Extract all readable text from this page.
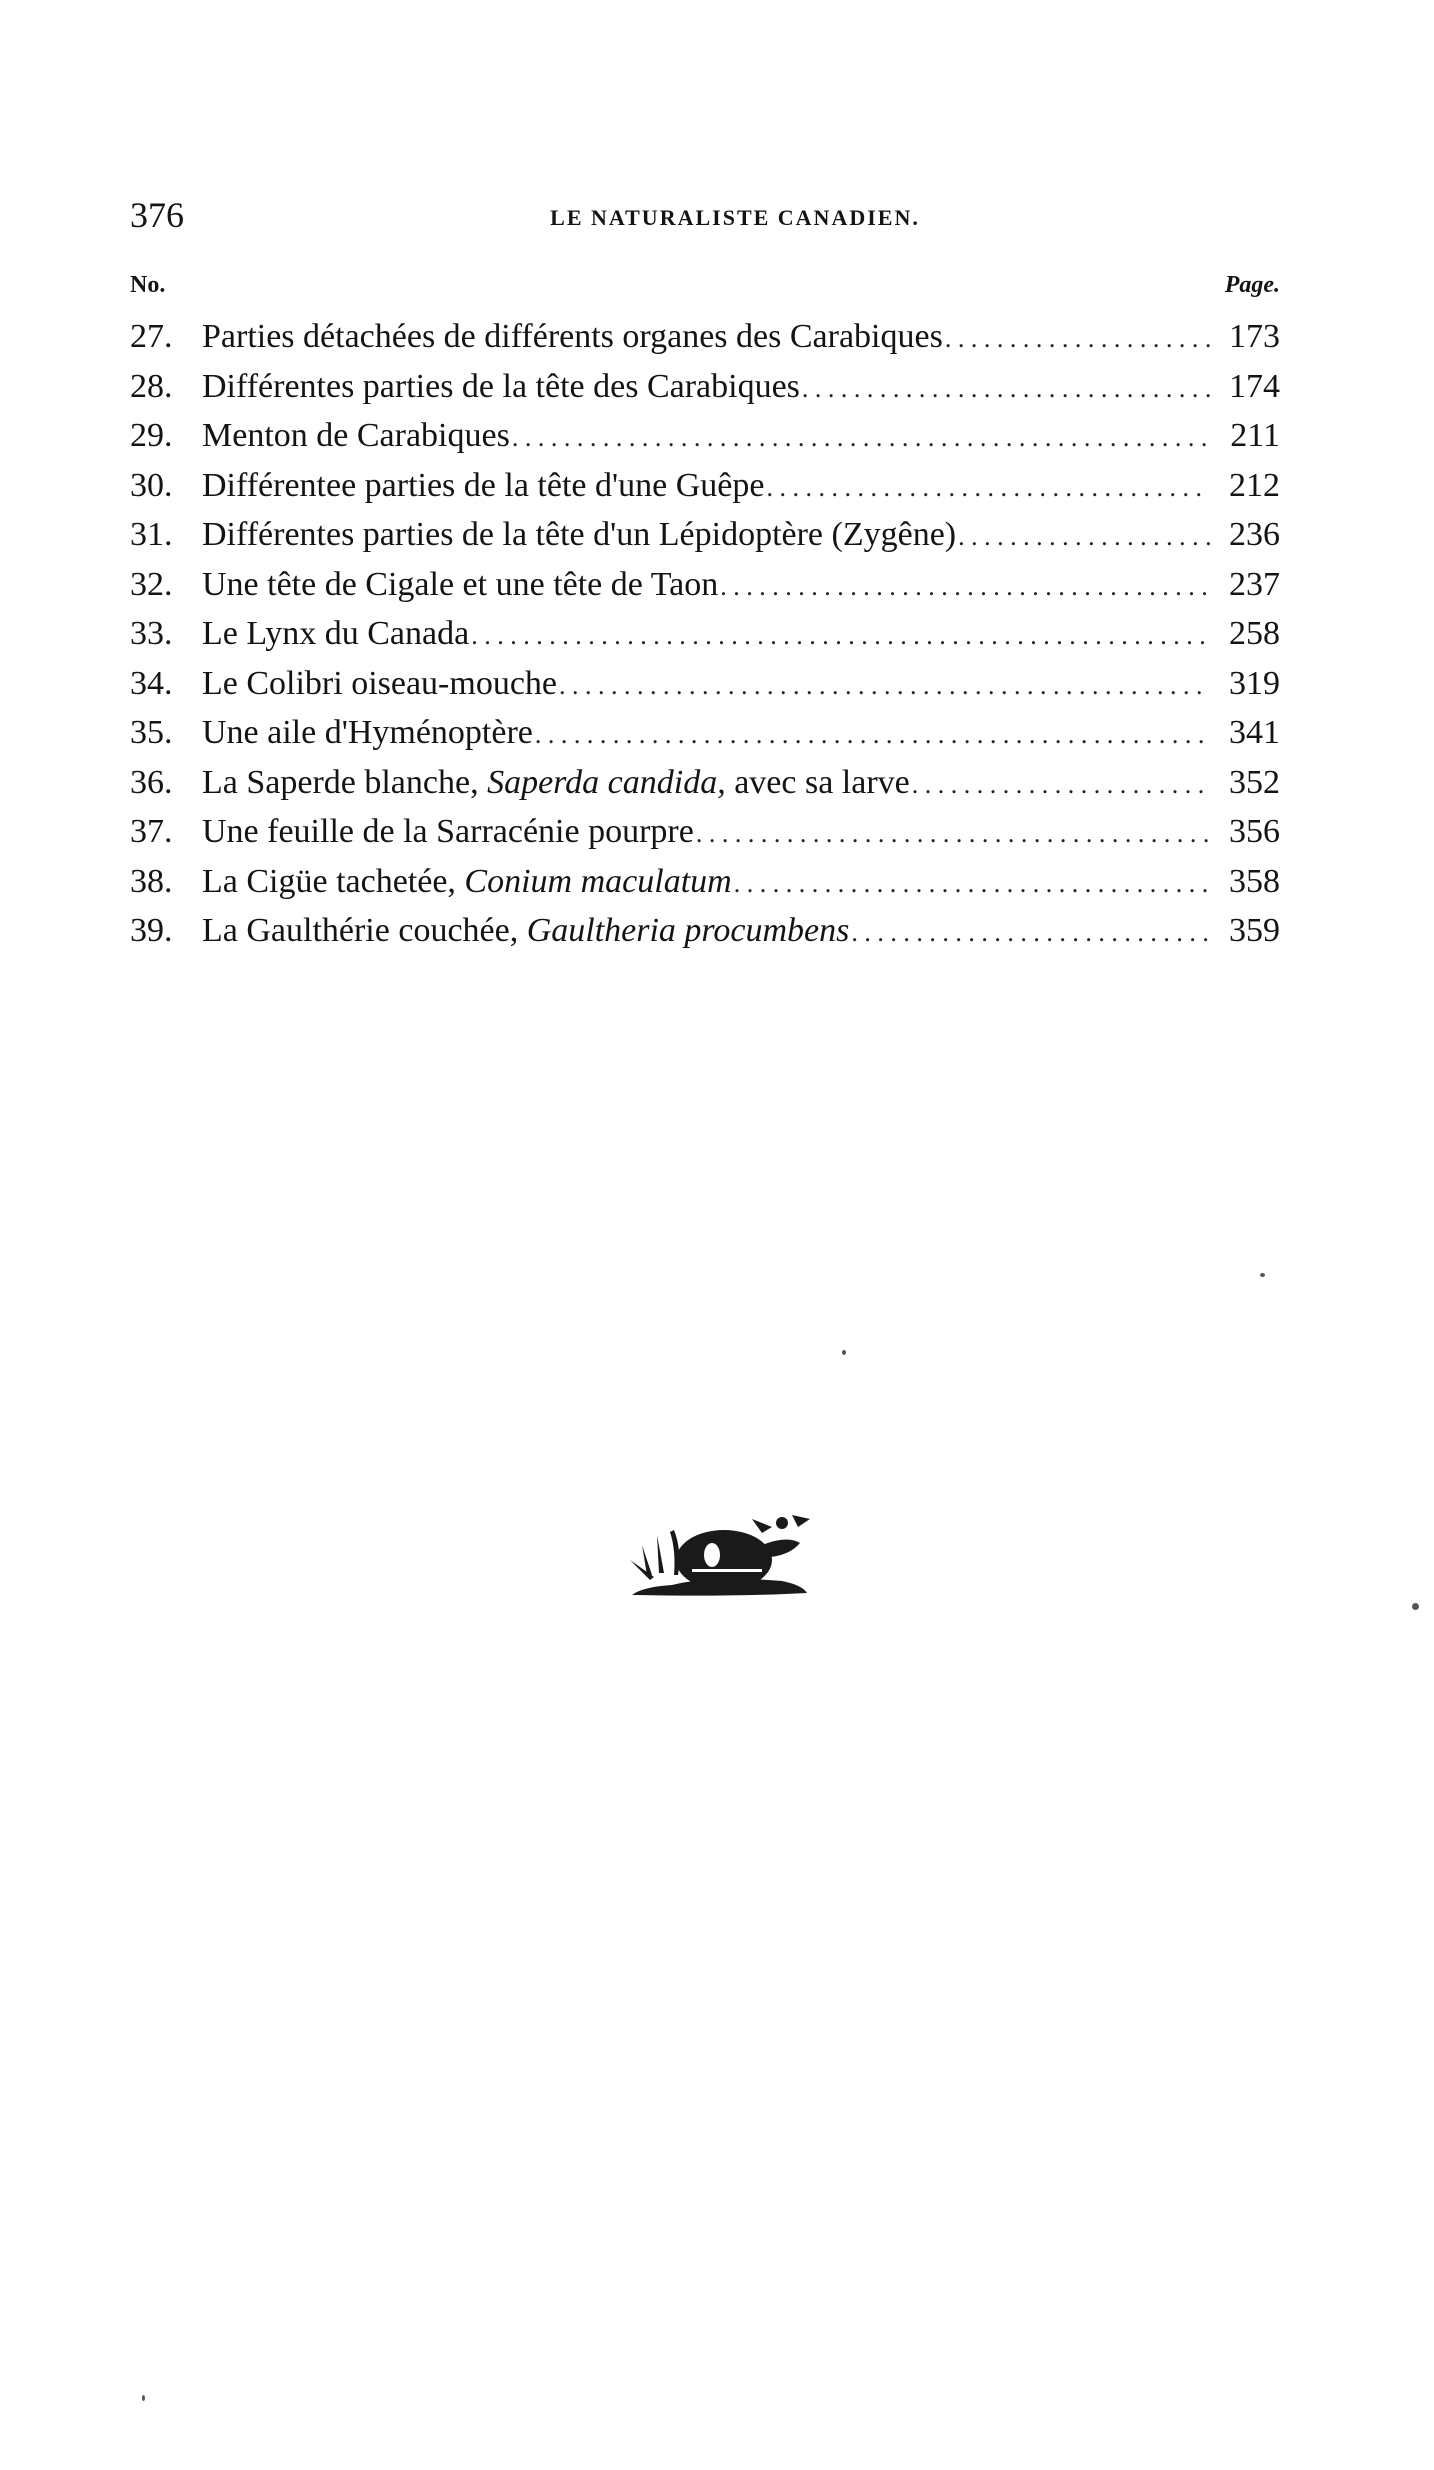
376	LE NATURALISTE CANADIEN.
No.	Page.
27. Parties détachées de différents organes des Carabiques . . .	173
28. Différentes parties de la tête des Carabiques . . .	174
29. Menton de Carabiques . . .	211
30. Différentee parties de la tête d'une Guêpe . . .	212
31. Différentes parties de la tête d'un Lépidoptère (Zygêne) . . .	236
32. Une tête de Cigale et une tête de Taon . . .	237
33. Le Lynx du Canada . . .	258
34. Le Colibri oiseau-mouche . . .	319
35. Une aile d'Hyménoptère . . .	341
36. La Saperde blanche, Saperda candida, avec sa larve . . .	352
37. Une feuille de la Sarracénie pourpre . . .	356
38. La Cigüe tachetée, Conium maculatum . . .	358
39. La Gaulthérie couchée, Gaultheria procumbens . . .	359
